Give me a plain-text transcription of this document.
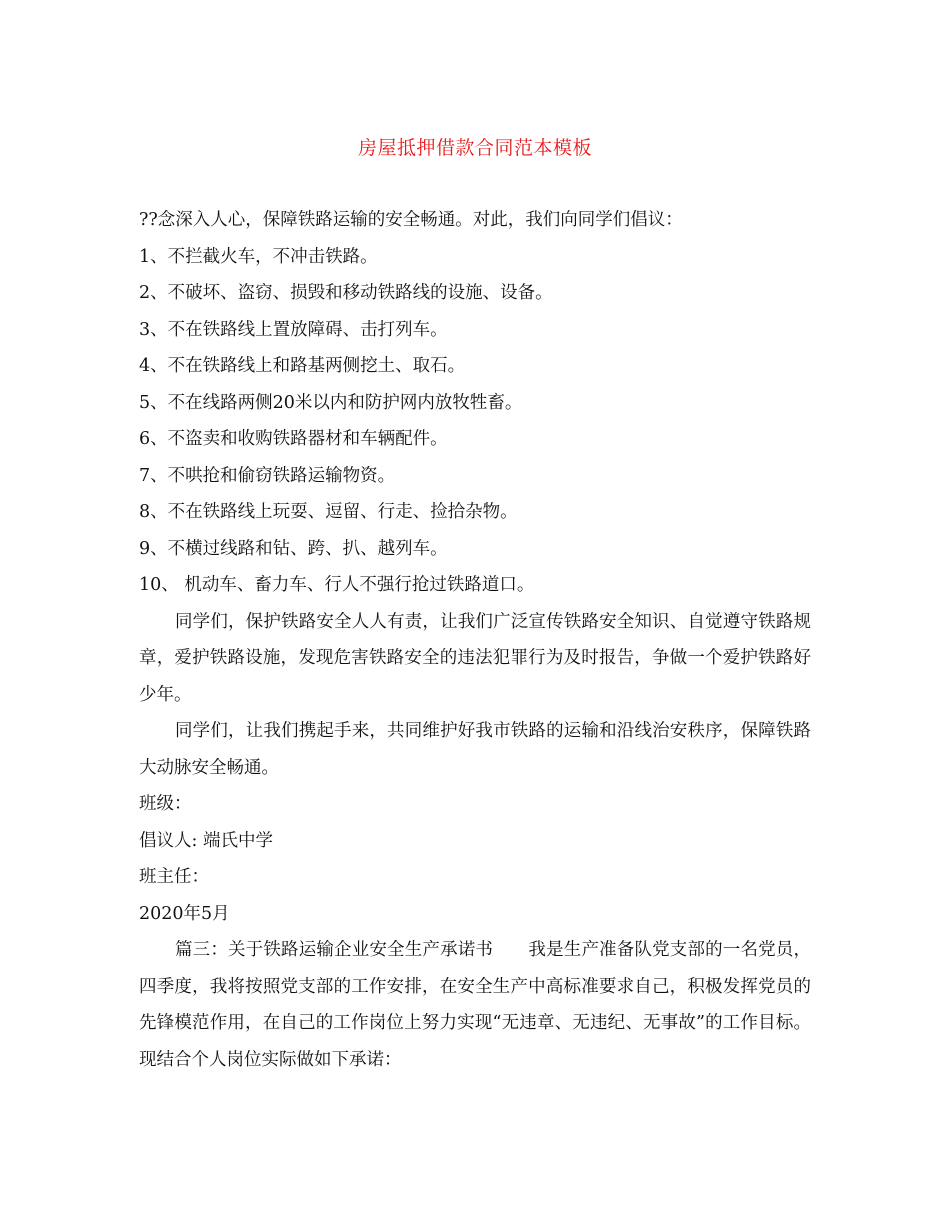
房屋抵押借款合同范本模板

??念深入人心，保障铁路运输的安全畅通。对此，我们向同学们倡议：

1、不拦截火车，不冲击铁路。

2、不破坏、盗窃、损毁和移动铁路线的设施、设备。

3、不在铁路线上置放障碍、击打列车。

4、不在铁路线上和路基两侧挖土、取石。

5、不在线路两侧20米以内和防护网内放牧牲畜。

6、不盗卖和收购铁路器材和车辆配件。

7、不哄抢和偷窃铁路运输物资。

8、不在铁路线上玩耍、逗留、行走、捡拾杂物。

9、不横过线路和钻、跨、扒、越列车。

10、 机动车、畜力车、行人不强行抢过铁路道口。

同学们，保护铁路安全人人有责，让我们广泛宣传铁路安全知识、自觉遵守铁路规章，爱护铁路设施，发现危害铁路安全的违法犯罪行为及时报告，争做一个爱护铁路好少年。

同学们，让我们携起手来，共同维护好我市铁路的运输和沿线治安秩序，保障铁路大动脉安全畅通。

班级：

倡议人: 端氏中学

班主任：

2020年5月

篇三：关于铁路运输企业安全生产承诺书　　我是生产准备队党支部的一名党员，四季度，我将按照党支部的工作安排，在安全生产中高标准要求自己，积极发挥党员的先锋模范作用，在自己的工作岗位上努力实现“无违章、无违纪、无事故”的工作目标。现结合个人岗位实际做如下承诺：
